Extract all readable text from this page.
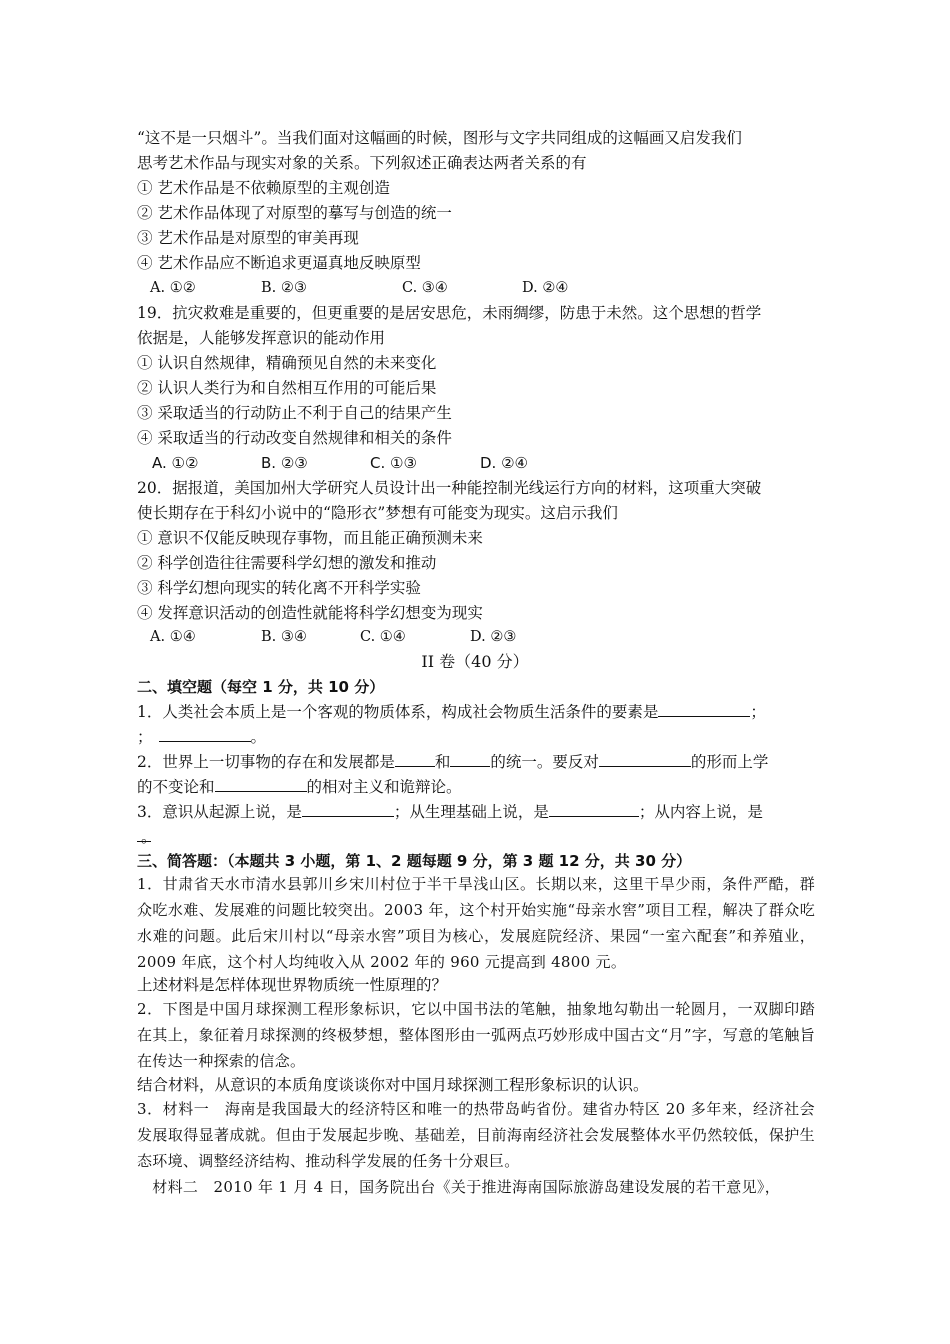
“这不是一只烟斗”。当我们面对这幅画的时候，图形与文字共同组成的这幅画又启发我们
思考艺术作品与现实对象的关系。下列叙述正确表达两者关系的有
① 艺术作品是不依赖原型的主观创造
② 艺术作品体现了对原型的摹写与创造的统一
③ 艺术作品是对原型的审美再现
④ 艺术作品应不断追求更逼真地反映原型
A. ①②	B. ②③	C. ③④	D. ②④
19．抗灾救难是重要的，但更重要的是居安思危，未雨绸缪，防患于未然。这个思想的哲学
依据是，人能够发挥意识的能动作用
① 认识自然规律，精确预见自然的未来变化
② 认识人类行为和自然相互作用的可能后果
③ 采取适当的行动防止不利于自己的结果产生
④ 采取适当的行动改变自然规律和相关的条件
A. ①②	B. ②③	C. ①③	D. ②④
20．据报道，美国加州大学研究人员设计出一种能控制光线运行方向的材料，这项重大突破
使长期存在于科幻小说中的“隐形衣”梦想有可能变为现实。这启示我们
① 意识不仅能反映现存事物，而且能正确预测未来
② 科学创造往往需要科学幻想的激发和推动
③ 科学幻想向现实的转化离不开科学实验
④ 发挥意识活动的创造性就能将科学幻想变为现实
A. ①④	B. ③④	C. ①④	D. ②③
II 卷（40 分）
二、填空题（每空 1 分，共 10 分）
1．人类社会本质上是一个客观的物质体系，构成社会物质生活条件的要素是	；
；	。
2．世界上一切事物的存在和发展都是	和	的统一。要反对	的形而上学
的不变论和	的相对主义和诡辩论。
3．意识从起源上说，是	；从生理基础上说，是	；从内容上说，是
。
三、简答题：（本题共 3 小题，第 1、2 题每题 9 分，第 3 题 12 分，共 30 分）
1．甘肃省天水市清水县郭川乡宋川村位于半干旱浅山区。长期以来，这里干旱少雨，条件严酷，群众吃水难、发展难的问题比较突出。2003 年，这个村开始实施“母亲水窖”项目工程，解决了群众吃水难的问题。此后宋川村以“母亲水窖”项目为核心，发展庭院经济、果园“一室六配套”和养殖业，2009 年底，这个村人均纯收入从 2002 年的 960 元提高到 4800 元。
上述材料是怎样体现世界物质统一性原理的？
2．下图是中国月球探测工程形象标识，它以中国书法的笔触，抽象地勾勒出一轮圆月，一双脚印踏在其上，象征着月球探测的终极梦想，整体图形由一弧两点巧妙形成中国古文“月”字，写意的笔触旨在传达一种探索的信念。
结合材料，从意识的本质角度谈谈你对中国月球探测工程形象标识的认识。
3．材料一　海南是我国最大的经济特区和唯一的热带岛屿省份。建省办特区 20 多年来，经济社会发展取得显著成就。但由于发展起步晚、基础差，目前海南经济社会发展整体水平仍然较低，保护生态环境、调整经济结构、推动科学发展的任务十分艰巨。
　材料二　2010 年 1 月 4 日，国务院出台《关于推进海南国际旅游岛建设发展的若干意见》，
